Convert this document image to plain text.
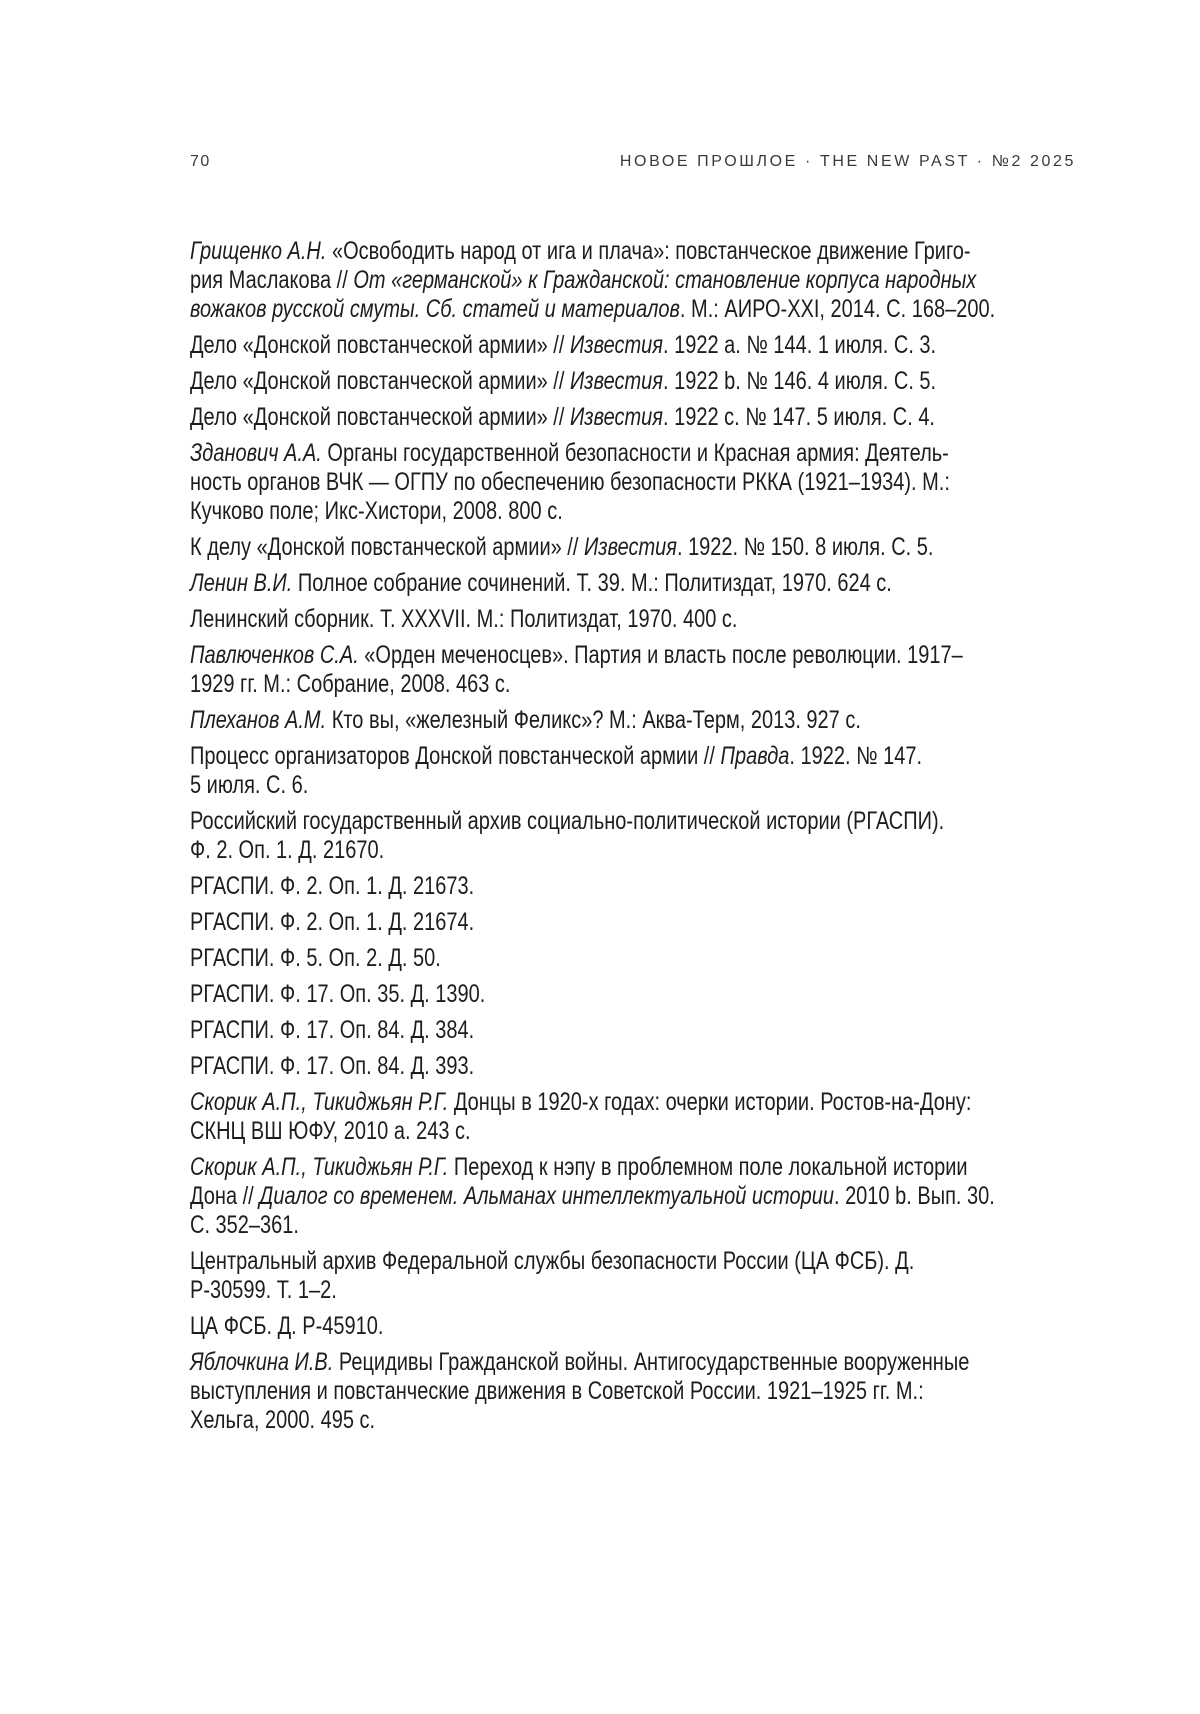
70	НОВОЕ ПРОШЛОЕ · THE NEW PAST · №2 2025

Грищенко А.Н. «Освободить народ от ига и плача»: повстанческое движение Григо-
рия Маслакова // От «германской» к Гражданской: становление корпуса народных
вожаков русской смуты. Сб. статей и материалов. М.: АИРО-XXI, 2014. С. 168–200.

Дело «Донской повстанческой армии» // Известия. 1922 a. № 144. 1 июля. С. 3.

Дело «Донской повстанческой армии» // Известия. 1922 b. № 146. 4 июля. С. 5.

Дело «Донской повстанческой армии» // Известия. 1922 c. № 147. 5 июля. С. 4.

Зданович А.А. Органы государственной безопасности и Красная армия: Деятель-
ность органов ВЧК — ОГПУ по обеспечению безопасности РККА (1921–1934). М.:
Кучково поле; Икс-Хистори, 2008. 800 с.

К делу «Донской повстанческой армии» // Известия. 1922. № 150. 8 июля. С. 5.

Ленин В.И. Полное собрание сочинений. Т. 39. М.: Политиздат, 1970. 624 с.

Ленинский сборник. Т. XXXVII. М.: Политиздат, 1970. 400 с.

Павлюченков С.А. «Орден меченосцев». Партия и власть после революции. 1917–
1929 гг. М.: Собрание, 2008. 463 с.

Плеханов А.М. Кто вы, «железный Феликс»? М.: Аква-Терм, 2013. 927 с.

Процесс организаторов Донской повстанческой армии // Правда. 1922. № 147.
5 июля. С. 6.

Российский государственный архив социально-политической истории (РГАСПИ).
Ф. 2. Оп. 1. Д. 21670.

РГАСПИ. Ф. 2. Оп. 1. Д. 21673.

РГАСПИ. Ф. 2. Оп. 1. Д. 21674.

РГАСПИ. Ф. 5. Оп. 2. Д. 50.

РГАСПИ. Ф. 17. Оп. 35. Д. 1390.

РГАСПИ. Ф. 17. Оп. 84. Д. 384.

РГАСПИ. Ф. 17. Оп. 84. Д. 393.

Скорик А.П., Тикиджьян Р.Г. Донцы в 1920-х годах: очерки истории. Ростов-на-Дону:
СКНЦ ВШ ЮФУ, 2010 a. 243 с.

Скорик А.П., Тикиджьян Р.Г. Переход к нэпу в проблемном поле локальной истории
Дона // Диалог со временем. Альманах интеллектуальной истории. 2010 b. Вып. 30.
С. 352–361.

Центральный архив Федеральной службы безопасности России (ЦА ФСБ). Д.
Р-30599. Т. 1–2.

ЦА ФСБ. Д. Р-45910.

Яблочкина И.В. Рецидивы Гражданской войны. Антигосударственные вооруженные
выступления и повстанческие движения в Советской России. 1921–1925 гг. М.:
Хельга, 2000. 495 с.
